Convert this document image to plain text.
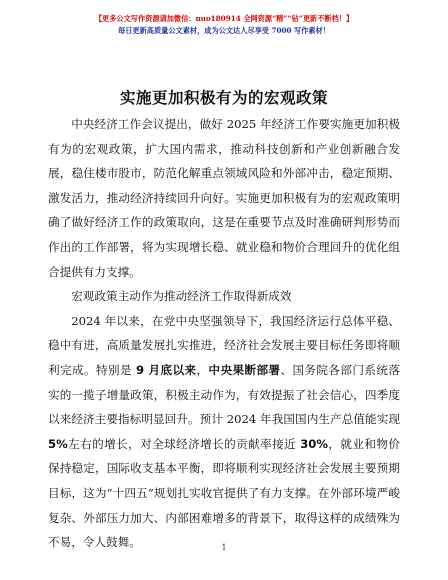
【更多公文写作资源请加微信：nuo180914 全网资源“精”“钻”更新不断档！】
每日更新高质量公文素材，成为公文达人尽享受 7000 写作素材！
实施更加积极有为的宏观政策

中央经济工作会议提出，做好 2025 年经济工作要实施更加积极有为的宏观政策，扩大国内需求，推动科技创新和产业创新融合发展，稳住楼市股市，防范化解重点领域风险和外部冲击，稳定预期、激发活力，推动经济持续回升向好。实施更加积极有为的宏观政策明确了做好经济工作的政策取向，这是在重要节点及时准确研判形势而作出的工作部署，将为实现增长稳、就业稳和物价合理回升的优化组合提供有力支撑。

宏观政策主动作为推动经济工作取得新成效

2024 年以来，在党中央坚强领导下，我国经济运行总体平稳、稳中有进，高质量发展扎实推进，经济社会发展主要目标任务即将顺利完成。特别是 9 月底以来，中央果断部署、国务院各部门系统落实的一揽子增量政策，积极主动作为，有效提振了社会信心，四季度以来经济主要指标明显回升。预计 2024 年我国国内生产总值能实现 5%左右的增长，对全球经济增长的贡献率接近 30%，就业和物价保持稳定，国际收支基本平衡，即将顺利实现经济社会发展主要预期目标，这为“十四五”规划扎实收官提供了有力支撑。在外部环境严峻复杂、外部压力加大、内部困难增多的背景下，取得这样的成绩殊为不易，令人鼓舞。	1
